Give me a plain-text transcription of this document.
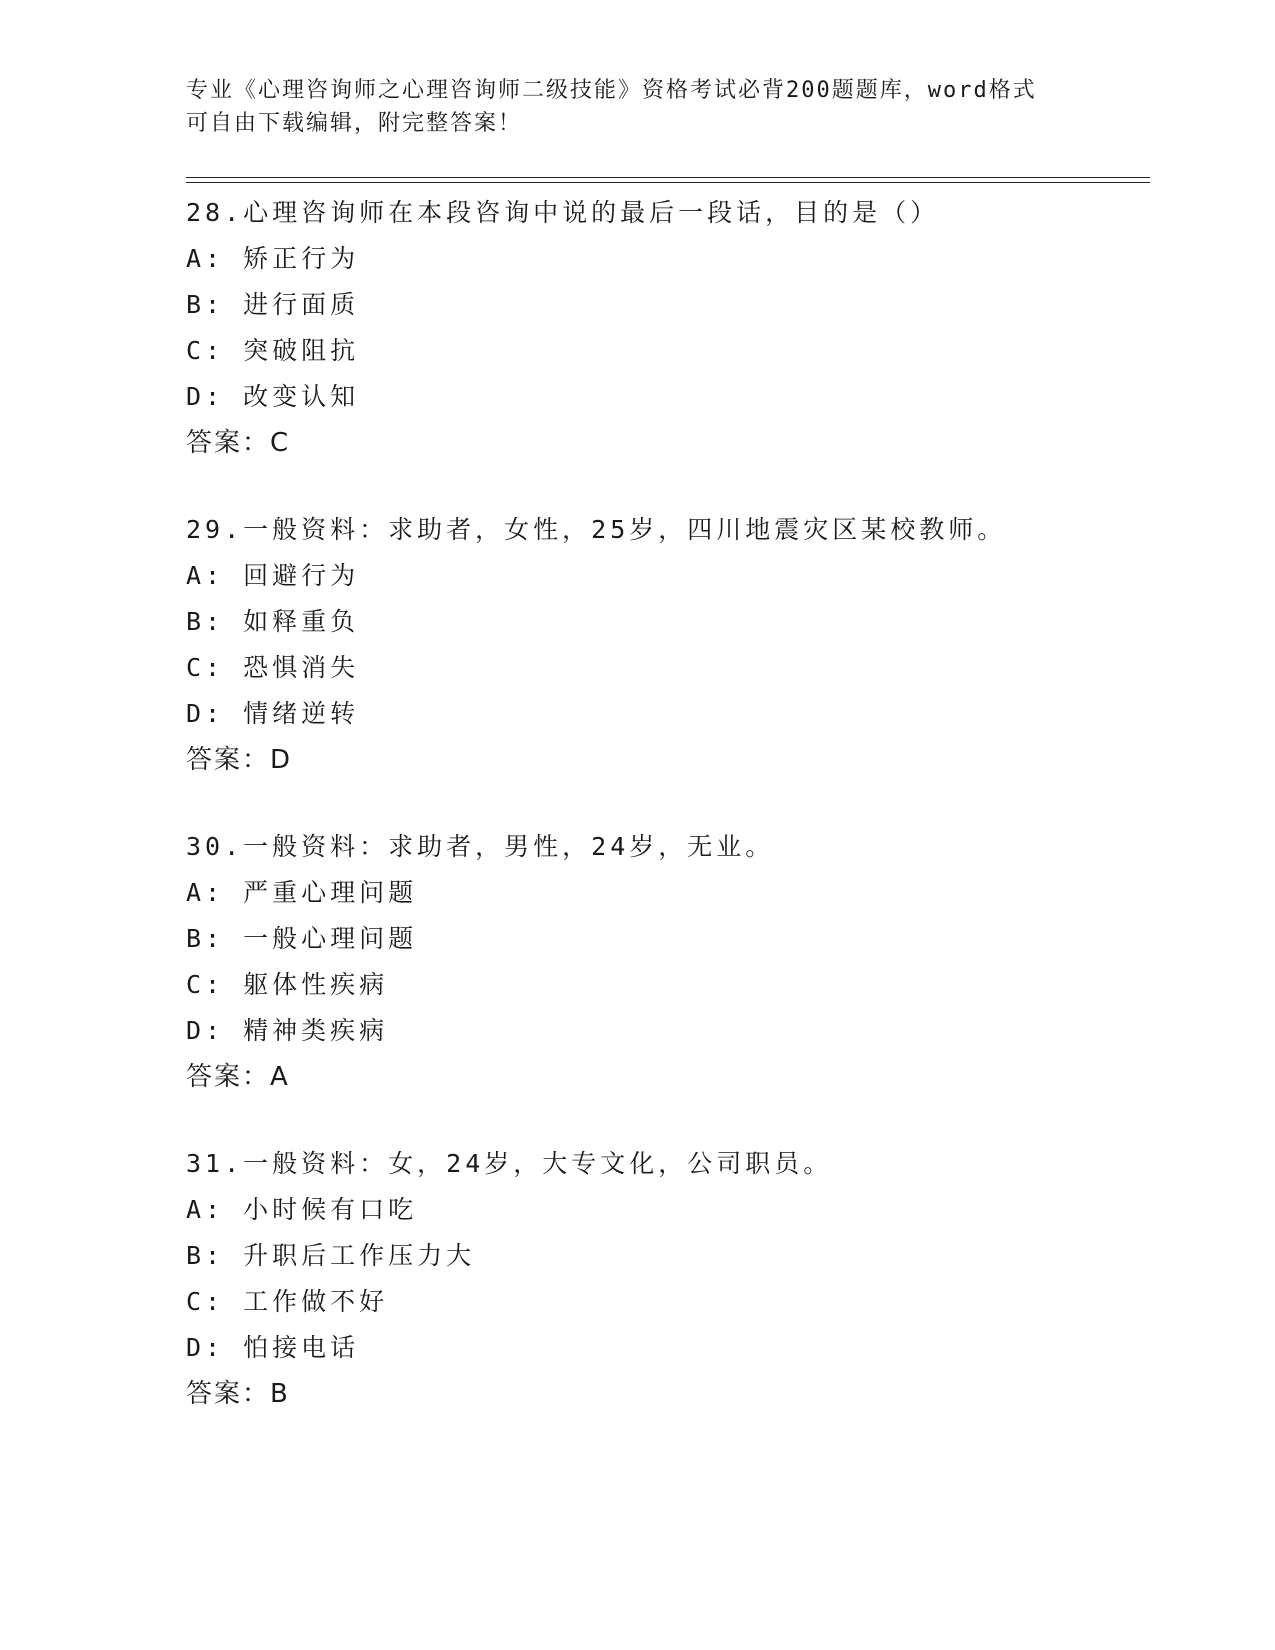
专业《心理咨询师之心理咨询师二级技能》资格考试必背200题题库，word格式
可自由下载编辑，附完整答案！
28.心理咨询师在本段咨询中说的最后一段话，目的是（）
A: 矫正行为
B: 进行面质
C: 突破阻抗
D: 改变认知
答案：C
29.一般资料：求助者，女性，25岁，四川地震灾区某校教师。
A: 回避行为
B: 如释重负
C: 恐惧消失
D: 情绪逆转
答案：D
30.一般资料：求助者，男性，24岁，无业。
A: 严重心理问题
B: 一般心理问题
C: 躯体性疾病
D: 精神类疾病
答案：A
31.一般资料：女，24岁，大专文化，公司职员。
A: 小时候有口吃
B: 升职后工作压力大
C: 工作做不好
D: 怕接电话
答案：B
